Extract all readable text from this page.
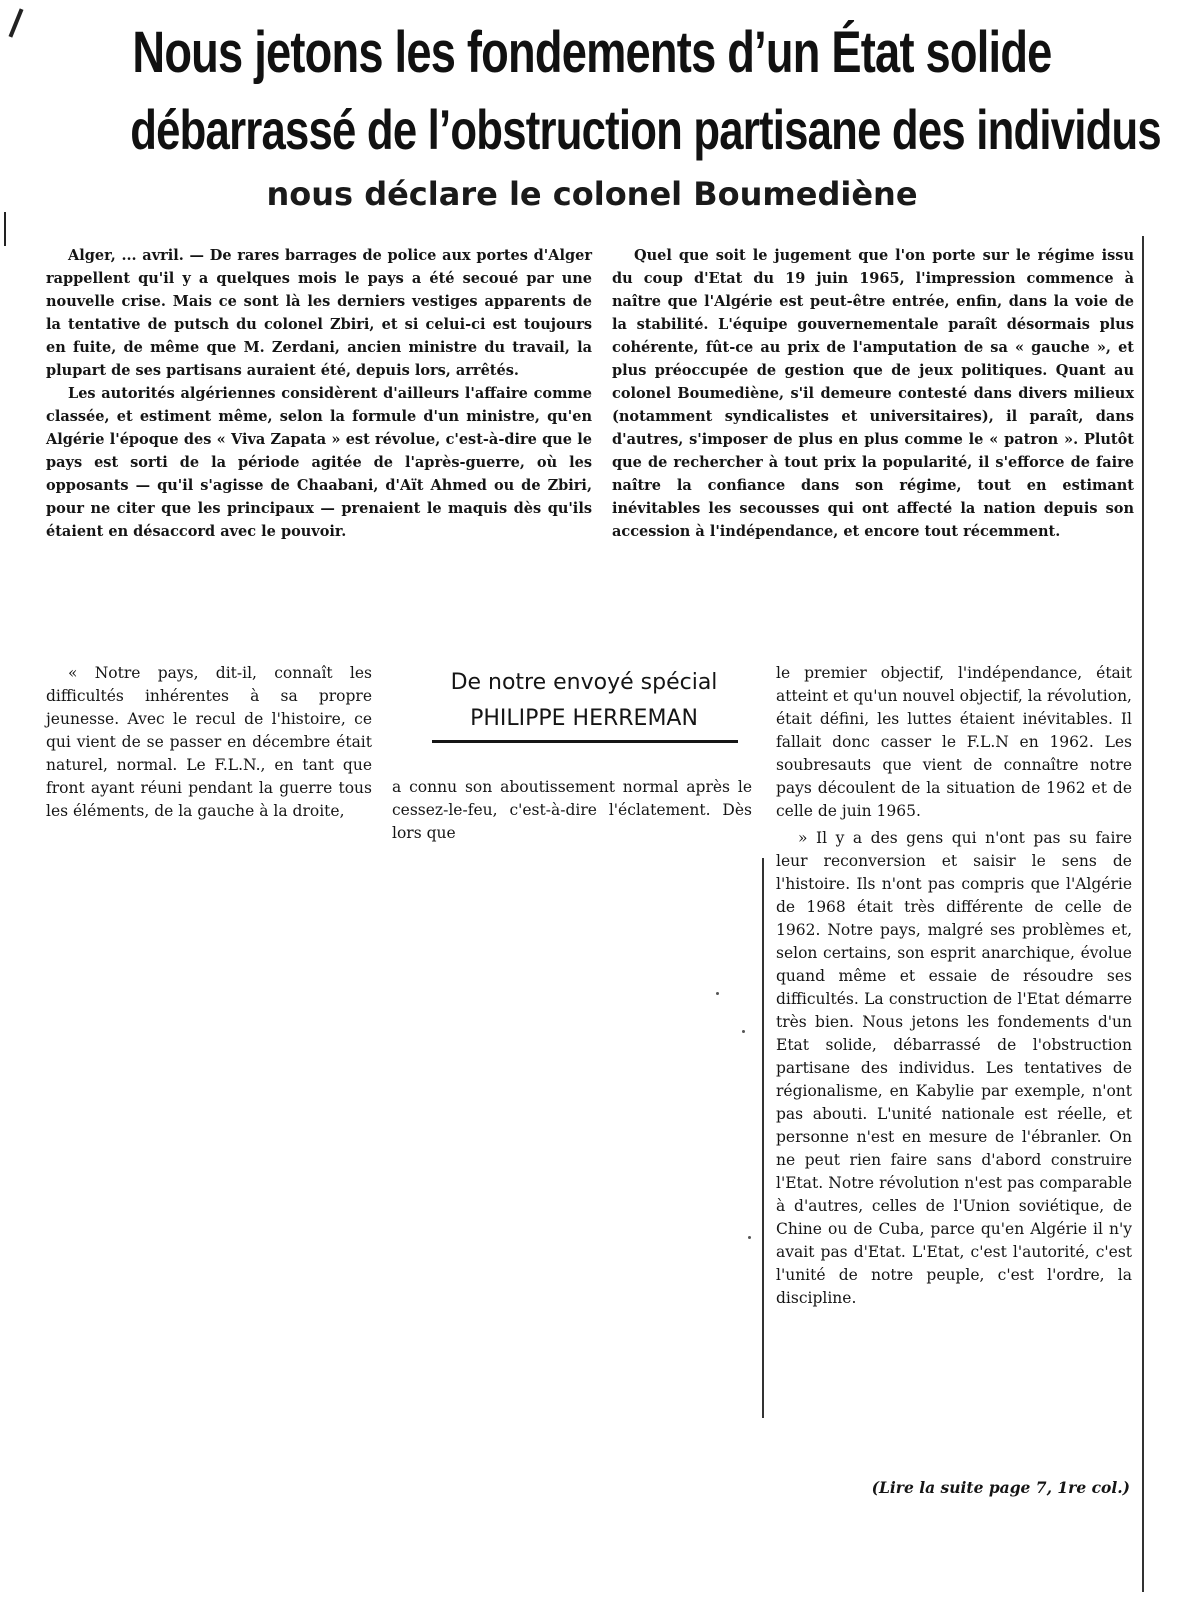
Nous jetons les fondements d’un État solide
débarrassé de l’obstruction partisane des individus
nous déclare le colonel Boumediène

Alger, ... avril. — De rares barrages de police aux portes d'Alger rappellent qu'il y a quelques mois le pays a été secoué par une nouvelle crise. Mais ce sont là les derniers vestiges apparents de la tentative de putsch du colonel Zbiri, et si celui-ci est toujours en fuite, de même que M. Zerdani, ancien ministre du travail, la plupart de ses partisans auraient été, depuis lors, arrêtés.

Les autorités algériennes considèrent d'ailleurs l'affaire comme classée, et estiment même, selon la formule d'un ministre, qu'en Algérie l'époque des « Viva Zapata » est révolue, c'est-à-dire que le pays est sorti de la période agitée de l'après-guerre, où les opposants — qu'il s'agisse de Chaabani, d'Aït Ahmed ou de Zbiri, pour ne citer que les principaux — prenaient le maquis dès qu'ils étaient en désaccord avec le pouvoir.

Quel que soit le jugement que l'on porte sur le régime issu du coup d'Etat du 19 juin 1965, l'impression commence à naître que l'Algérie est peut-être entrée, enfin, dans la voie de la stabilité. L'équipe gouvernementale paraît désormais plus cohérente, fût-ce au prix de l'amputation de sa « gauche », et plus préoccupée de gestion que de jeux politiques. Quant au colonel Boumediène, s'il demeure contesté dans divers milieux (notamment syndicalistes et universitaires), il paraît, dans d'autres, s'imposer de plus en plus comme le « patron ». Plutôt que de rechercher à tout prix la popularité, il s'efforce de faire naître la confiance dans son régime, tout en estimant inévitables les secousses qui ont affecté la nation depuis son accession à l'indépendance, et encore tout récemment.

« Notre pays, dit-il, connaît les difficultés inhérentes à sa propre jeunesse. Avec le recul de l'histoire, ce qui vient de se passer en décembre était naturel, normal. Le F.L.N., en tant que front ayant réuni pendant la guerre tous les éléments, de la gauche à la droite,

De notre envoyé spécial

PHILIPPE HERREMAN

a connu son aboutissement normal après le cessez-le-feu, c'est-à-dire l'éclatement. Dès lors que

le premier objectif, l'indépendance, était atteint et qu'un nouvel objectif, la révolution, était défini, les luttes étaient inévitables. Il fallait donc casser le F.L.N en 1962. Les soubresauts que vient de connaître notre pays découlent de la situation de 1962 et de celle de juin 1965.

» Il y a des gens qui n'ont pas su faire leur reconversion et saisir le sens de l'histoire. Ils n'ont pas compris que l'Algérie de 1968 était très différente de celle de 1962. Notre pays, malgré ses problèmes et, selon certains, son esprit anarchique, évolue quand même et essaie de résoudre ses difficultés. La construction de l'Etat démarre très bien. Nous jetons les fondements d'un Etat solide, débarrassé de l'obstruction partisane des individus. Les tentatives de régionalisme, en Kabylie par exemple, n'ont pas abouti. L'unité nationale est réelle, et personne n'est en mesure de l'ébranler. On ne peut rien faire sans d'abord construire l'Etat. Notre révolution n'est pas comparable à d'autres, celles de l'Union soviétique, de Chine ou de Cuba, parce qu'en Algérie il n'y avait pas d'Etat. L'Etat, c'est l'autorité, c'est l'unité de notre peuple, c'est l'ordre, la discipline.

(Lire la suite page 7, 1re col.)
